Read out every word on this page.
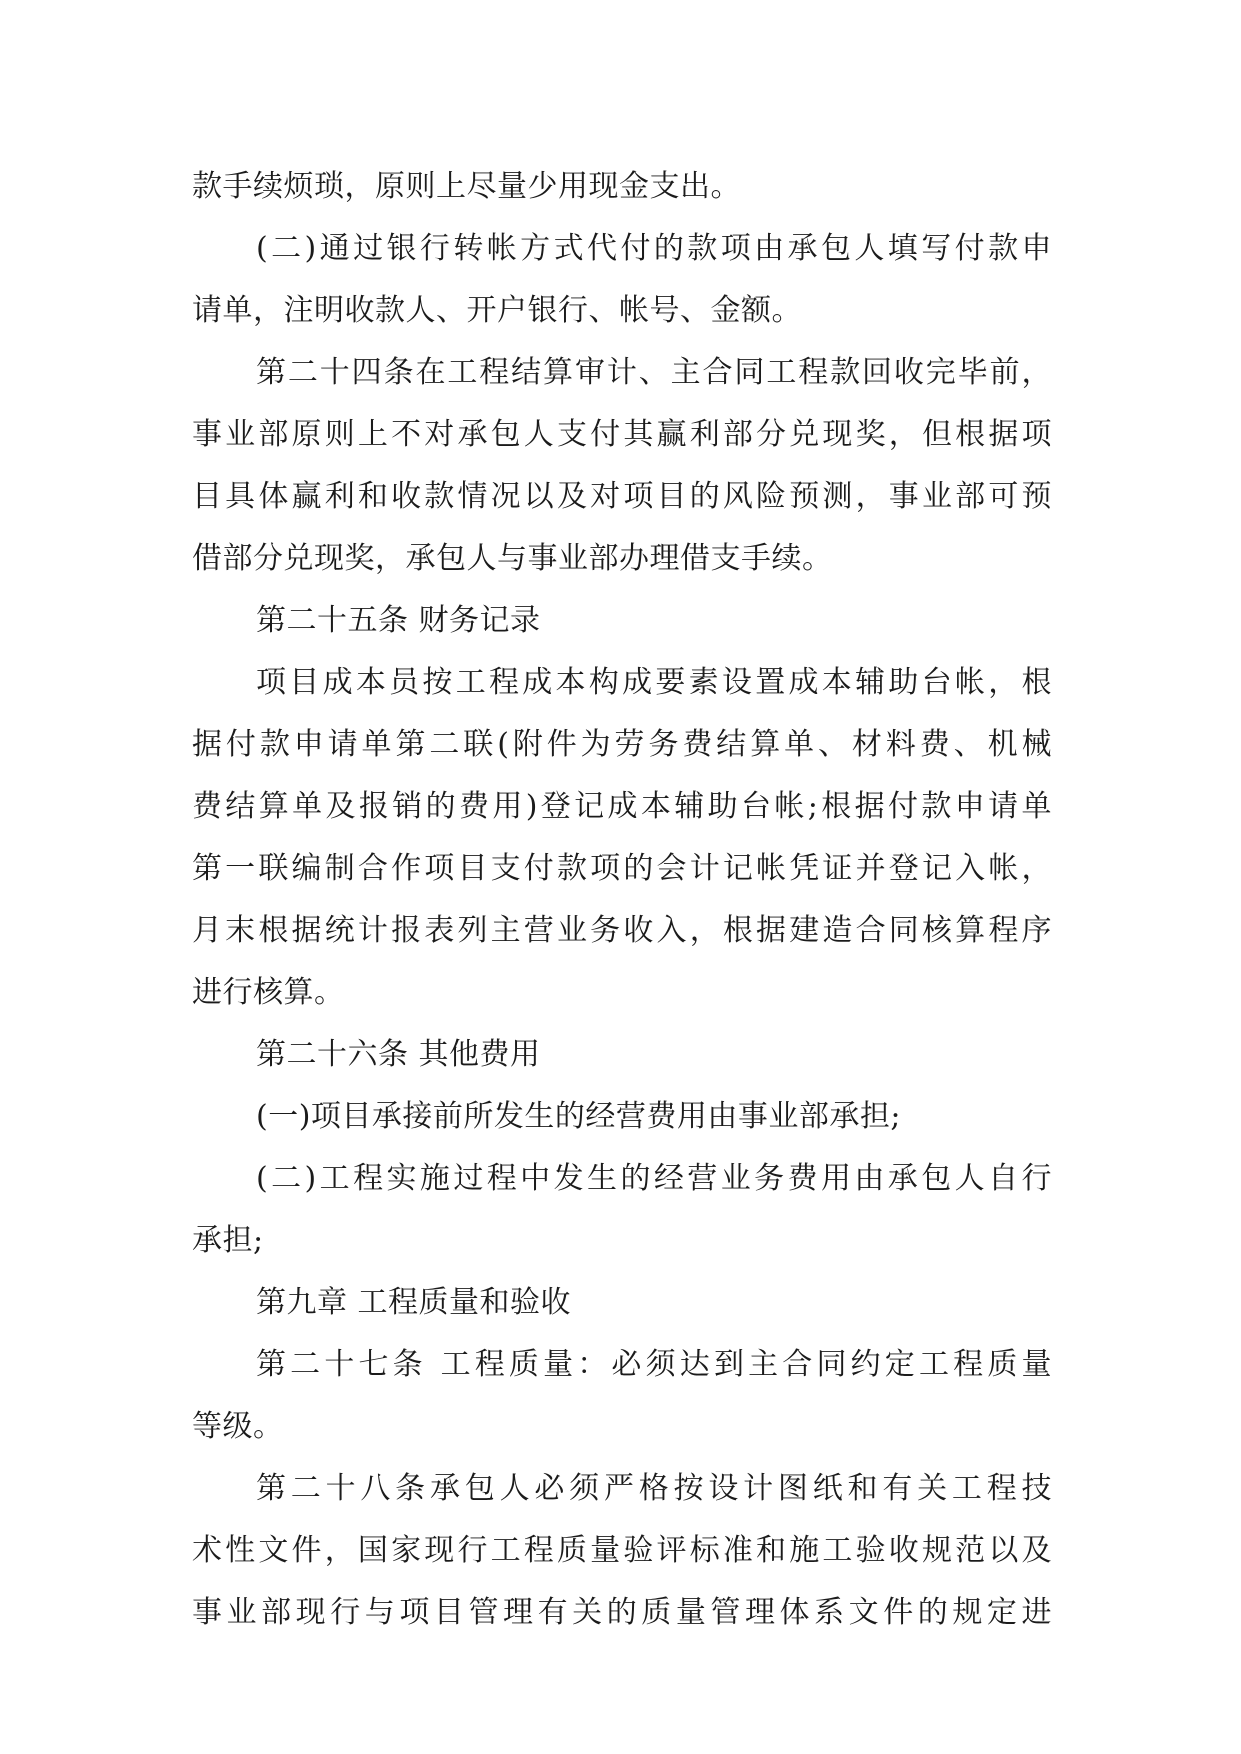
款手续烦琐，原则上尽量少用现金支出。
(二)通过银行转帐方式代付的款项由承包人填写付款申
请单，注明收款人、开户银行、帐号、金额。
第二十四条在工程结算审计、主合同工程款回收完毕前，
事业部原则上不对承包人支付其赢利部分兑现奖，但根据项
目具体赢利和收款情况以及对项目的风险预测，事业部可预
借部分兑现奖，承包人与事业部办理借支手续。
第二十五条 财务记录
项目成本员按工程成本构成要素设置成本辅助台帐，根
据付款申请单第二联(附件为劳务费结算单、材料费、机械
费结算单及报销的费用)登记成本辅助台帐;根据付款申请单
第一联编制合作项目支付款项的会计记帐凭证并登记入帐，
月末根据统计报表列主营业务收入，根据建造合同核算程序
进行核算。
第二十六条 其他费用
(一)项目承接前所发生的经营费用由事业部承担;
(二)工程实施过程中发生的经营业务费用由承包人自行
承担;
第九章 工程质量和验收
第二十七条 工程质量：必须达到主合同约定工程质量
等级。
第二十八条承包人必须严格按设计图纸和有关工程技
术性文件，国家现行工程质量验评标准和施工验收规范以及
事业部现行与项目管理有关的质量管理体系文件的规定进
